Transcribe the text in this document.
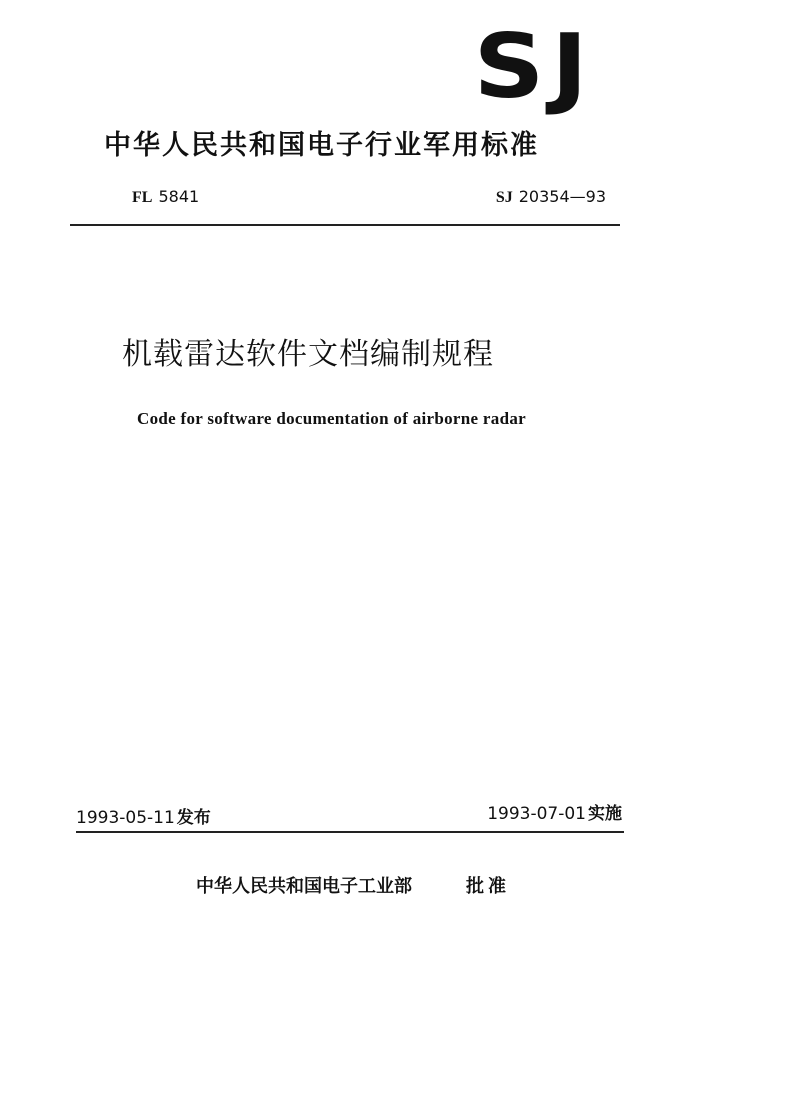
SJ
中华人民共和国电子行业军用标准
FL 5841	SJ 20354—93
机载雷达软件文档编制规程
Code for software documentation of airborne radar
1993-05-11 发布	1993-07-01 实施
中华人民共和国电子工业部	批准
